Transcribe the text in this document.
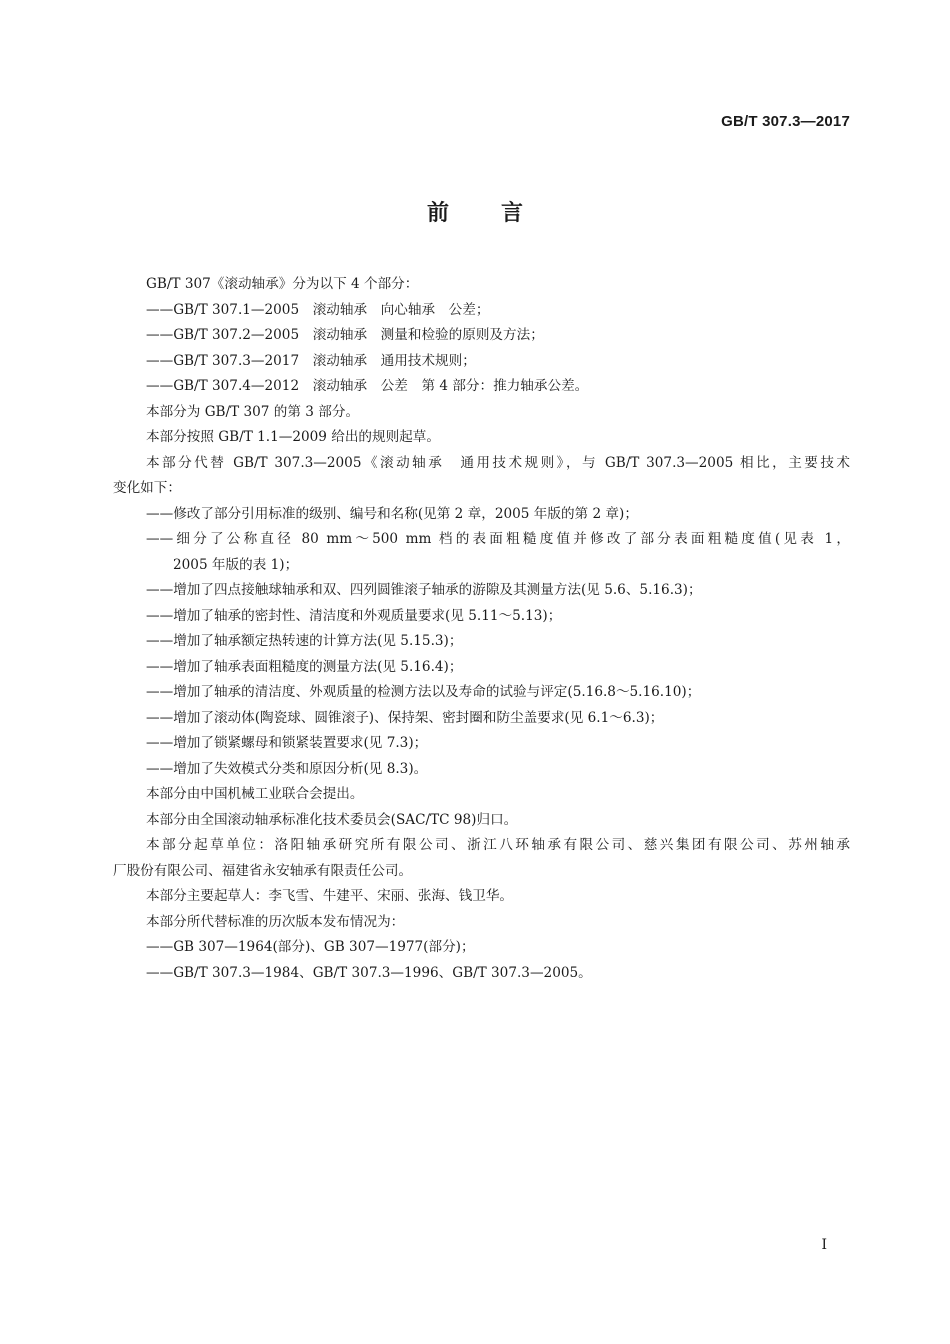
GB/T 307.3—2017
前言

GB/T 307《滚动轴承》分为以下 4 个部分：

——GB/T 307.1—2005　滚动轴承　向心轴承　公差；

——GB/T 307.2—2005　滚动轴承　测量和检验的原则及方法；

——GB/T 307.3—2017　滚动轴承　通用技术规则；

——GB/T 307.4—2012　滚动轴承　公差　第 4 部分：推力轴承公差。

本部分为 GB/T 307 的第 3 部分。

本部分按照 GB/T 1.1—2009 给出的规则起草。

本部分代替 GB/T 307.3—2005《滚动轴承　通用技术规则》，与 GB/T 307.3—2005 相比，主要技术

变化如下：

——修改了部分引用标准的级别、编号和名称(见第 2 章，2005 年版的第 2 章)；

——细分了公称直径 80 mm～500 mm 档的表面粗糙度值并修改了部分表面粗糙度值(见表 1，

2005 年版的表 1)；

——增加了四点接触球轴承和双、四列圆锥滚子轴承的游隙及其测量方法(见 5.6、5.16.3)；

——增加了轴承的密封性、清洁度和外观质量要求(见 5.11～5.13)；

——增加了轴承额定热转速的计算方法(见 5.15.3)；

——增加了轴承表面粗糙度的测量方法(见 5.16.4)；

——增加了轴承的清洁度、外观质量的检测方法以及寿命的试验与评定(5.16.8～5.16.10)；

——增加了滚动体(陶瓷球、圆锥滚子)、保持架、密封圈和防尘盖要求(见 6.1～6.3)；

——增加了锁紧螺母和锁紧装置要求(见 7.3)；

——增加了失效模式分类和原因分析(见 8.3)。

本部分由中国机械工业联合会提出。

本部分由全国滚动轴承标准化技术委员会(SAC/TC 98)归口。

本部分起草单位：洛阳轴承研究所有限公司、浙江八环轴承有限公司、慈兴集团有限公司、苏州轴承

厂股份有限公司、福建省永安轴承有限责任公司。

本部分主要起草人：李飞雪、牛建平、宋丽、张海、钱卫华。

本部分所代替标准的历次版本发布情况为：

——GB 307—1964(部分)、GB 307—1977(部分)；

——GB/T 307.3—1984、GB/T 307.3—1996、GB/T 307.3—2005。

I
